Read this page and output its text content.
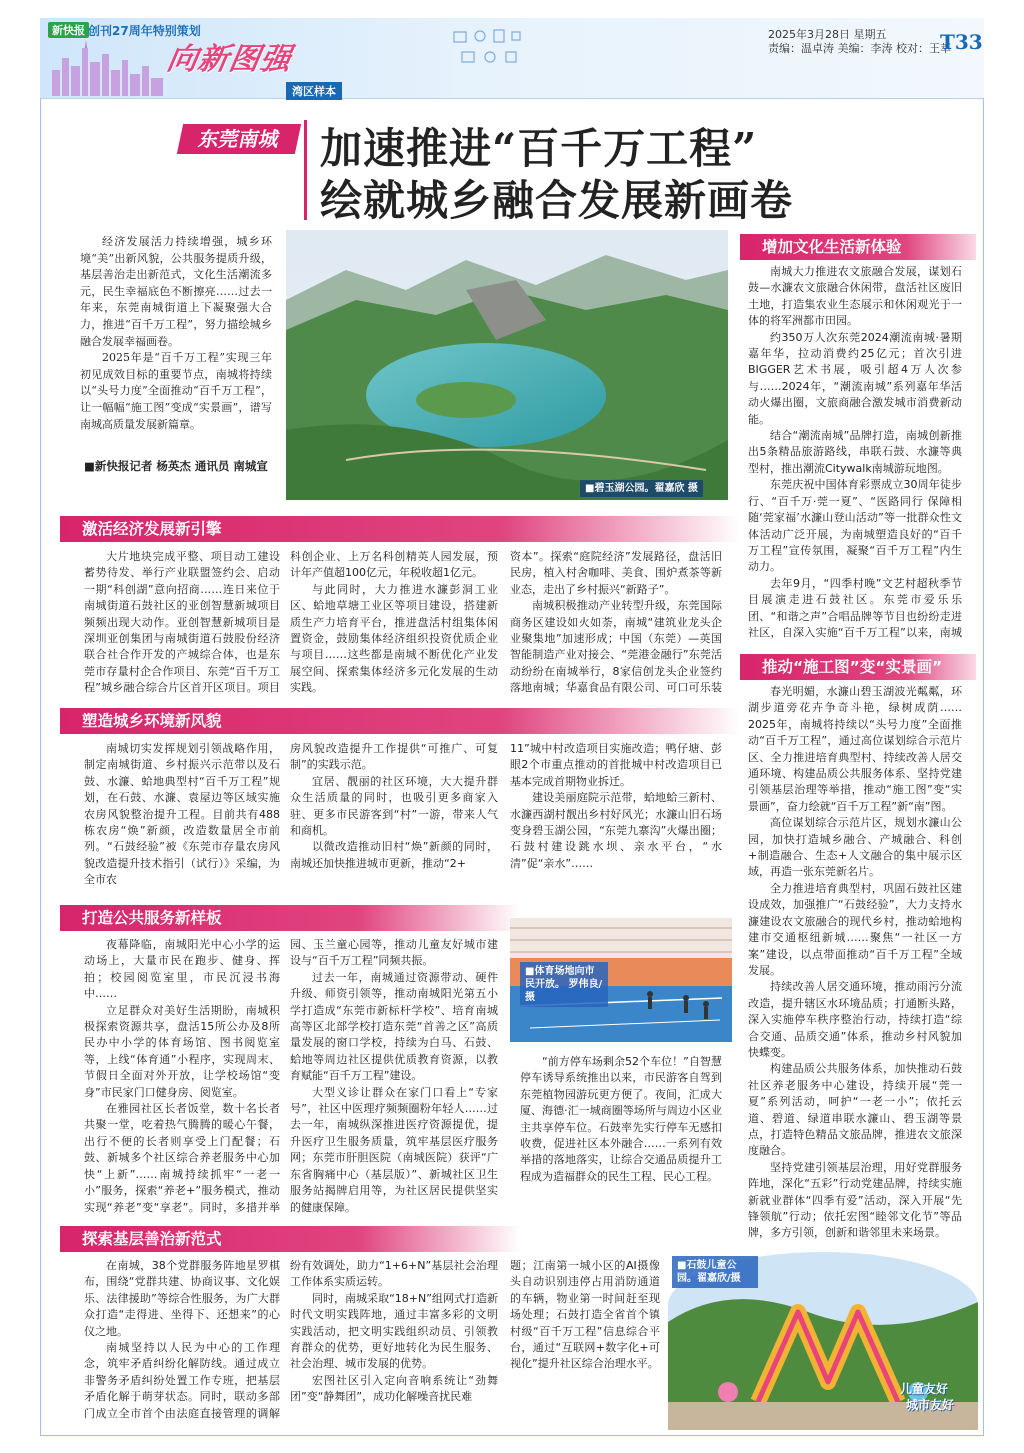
新快报 创刊27周年特别策划
向新图强
湾区样本
2025年3月28日 星期五
责编：温卓涛 美编：李涛 校对：王萃
T33
东莞南城 加速推进“百千万工程”
绘就城乡融合发展新画卷

经济发展活力持续增强，城乡环境“美”出新风貌，公共服务提质升级，基层善治走出新范式，文化生活潮流多元，民生幸福底色不断擦亮……过去一年来，东莞南城街道上下凝聚强大合力，推进“百千万工程”，努力描绘城乡融合发展幸福画卷。

2025年是“百千万工程”实现三年初见成效目标的重要节点，南城将持续以“头号力度”全面推动“百千万工程”，让一幅幅“施工图”变成“实景画”，谱写南城高质量发展新篇章。

■新快报记者 杨英杰 通讯员 南城宣
■碧玉湖公园。翟嘉欣 摄
激活经济发展新引擎

大片地块完成平整、项目动工建设蓄势待发、举行产业联盟签约会、启动一期“科创湖”意向招商……连日来位于南城街道石鼓社区的亚创智慧新城项目频频出现大动作。亚创智慧新城项目是深圳亚创集团与南城街道石鼓股份经济联合社合作开发的产城综合体，也是东莞市存量村企合作项目、东莞“百千万工程”城乡融合综合片区首开区项目。项目

科创企业、上万名科创精英人园发展，预计年产值超100亿元，年税收超1亿元。

与此同时，大力推进水濂彭洞工业区、蛤地草塘工业区等项目建设，搭建新质生产力培育平台，推进盘活村组集体闲置资金，鼓励集体经济组织投资优质企业与项目……这些都是南城不断优化产业发展空间、探索集体经济多元化发展的生动实践。

资本”。探索“庭院经济”发展路径，盘活旧民房，植入村舍咖啡、美食、围炉煮茶等新业态，走出了乡村振兴“新路子”。

南城积极推动产业转型升级，东莞国际商务区建设如火如荼，南城“建筑业龙头企业聚集地”加速形成；中国（东莞）—英国智能制造产业对接会、“莞港金融行”东莞活动纷纷在南城举行，8家信创龙头企业签约落地南城；华嘉食品有限公司、可口可乐装

塑造城乡环境新风貌

南城切实发挥规划引领战略作用，制定南城街道、乡村振兴示范带以及石鼓、水濂、蛤地典型村“百千万工程”规划，在石鼓、水濂、袁屋边等区域实施农房风貌整治提升工程。目前共有488栋农房“焕”新颜，改造数量居全市前列。“石鼓经验”被《东莞市存量农房风貌改造提升技术指引（试行）》采编，为全市农

房风貌改造提升工作提供“可推广、可复制”的实践示范。

宜居、靓丽的社区环境，大大提升群众生活质量的同时，也吸引更多商家入驻、更多市民游客到“村”一游，带来人气和商机。

以微改造推动旧村“焕”新颜的同时，南城还加快推进城市更新，推动“2+

11”城中村改造项目实施改造；鸭仔塘、彭眼2个市重点推动的首批城中村改造项目已基本完成首期物业拆迁。

建设美丽庭院示范带，蛤地蛤三新村、水濂西湖村靓出乡村好风光；水濂山旧石场变身碧玉湖公园，“东莞九寨沟”火爆出圈；石鼓村建设跳水坝、亲水平台，“水清”促“亲水”……

打造公共服务新样板

夜幕降临，南城阳光中心小学的运动场上，大量市民在跑步、健身、挥拍；校园阅览室里，市民沉浸书海中……

立足群众对美好生活期盼，南城积极探索资源共享，盘活15所公办及8所民办中小学的体育场馆、图书阅览室等，上线“体育通”小程序，实现周末、节假日全面对外开放，让学校场馆“变身”市民家门口健身房、阅览室。

在雅园社区长者饭堂，数十名长者共聚一堂，吃着热气腾腾的暖心午餐，出行不便的长者则享受上门配餐；石鼓、新城多个社区综合养老服务中心加快“上新”……南城持续抓牢“一老一小”服务，探索“养老+”服务模式，推动实现“养老”变“享老”。同时，多措并举

园、玉兰童心园等，推动儿童友好城市建设与“百千万工程”同频共振。

过去一年，南城通过资源带动、硬件升级、师资引领等，推动南城阳光第五小学打造成“东莞市新标杆学校”、培育南城高等区北部学校打造东莞“首善之区”高质量发展的窗口学校，持续为白马、石鼓、蛤地等周边社区提供优质教育资源，以教育赋能“百千万工程”建设。

大型义诊让群众在家门口看上“专家号”，社区中医理疗频频圈粉年轻人……过去一年，南城纵深推进医疗资源提优，提升医疗卫生服务质量，筑牢基层医疗服务网；东莞市肝胆医院（南城医院）获评“广东省胸痛中心（基层版）”、新城社区卫生服务站揭牌启用等，为社区居民提供坚实的健康保障。

■体育场地向市民开放。 罗伟良/摄

“前方停车场剩余52个车位！”自智慧停车诱导系统推出以来，市民游客自驾到东莞植物园游玩更方便了。夜间，汇成大厦、海德·汇一城商圈等场所与周边小区业主共享停车位。石鼓率先实行停车无感扣收费，促进社区本外融合……一系列有效举措的落地落实，让综合交通品质提升工程成为造福群众的民生工程、民心工程。

探索基层善治新范式

在南城，38个党群服务阵地星罗棋布，围绕“党群共建、协商议事、文化娱乐、法律援助”等综合性服务，为广大群众打造“走得进、坐得下、还想来”的心仪之地。

南城坚持以人民为中心的工作理念，筑牢矛盾纠纷化解防线。通过成立非警务矛盾纠纷处置工作专班，把基层矛盾化解于萌芽状态。同时，联动多部门成立全市首个由法庭直接管理的调解

纷有效调处，助力“1+6+N”基层社会治理工作体系实质运转。

同时，南城采取“18+N”组网式打造新时代文明实践阵地，通过丰富多彩的文明实践活动，把文明实践组织动员、引领教育群众的优势，更好地转化为民生服务、社会治理、城市发展的优势。

宏图社区引入定向音响系统让“劲舞团”变“静舞团”，成功化解噪音扰民难

题；江南第一城小区的AI摄像头自动识别违停占用消防通道的车辆，物业第一时间赶至现场处理；石鼓打造全省首个镇村级“百千万工程”信息综合平台，通过“互联网+数字化+可视化”提升社区综合治理水平。

■石鼓儿童公园。翟嘉欣/摄
儿童友好
城市友好
增加文化生活新体验

南城大力推进农文旅融合发展，谋划石鼓—水濂农文旅融合休闲带，盘活社区废旧土地，打造集农业生态展示和休闲观光于一体的将军洲都市田园。

约350万人次东莞2024潮流南城·暑期嘉年华，拉动消费约25亿元；首次引进BIGGER艺术书展，吸引超4万人次参与……2024年，“潮流南城”系列嘉年华活动火爆出圈，文旅商融合激发城市消费新动能。

结合“潮流南城”品牌打造，南城创新推出5条精品旅游路线，串联石鼓、水濂等典型村，推出潮流Citywalk南城游玩地图。

东莞庆祝中国体育彩票成立30周年徒步行、“百千万·莞一夏”、“医路同行 保障相随‘莞家福’水濂山登山活动”等一批群众性文体活动广泛开展，为南城塑造良好的“百千万工程”宣传氛围，凝聚“百千万工程”内生动力。

去年9月，“四季村晚”文艺村超秋季节目展演走进石鼓社区。东莞市爱乐乐团、“和谐之声”合唱品牌等节目也纷纷走进社区，自深入实施“百千万工程”以来，南城

推动“施工图”变“实景画”

春光明媚，水濂山碧玉湖波光粼粼，环湖步道旁花卉争奇斗艳，绿树成荫……2025年，南城将持续以“头号力度”全面推动“百千万工程”，通过高位谋划综合示范片区、全力推进培育典型村、持续改善人居交通环境、构建品质公共服务体系、坚持党建引领基层治理等举措，推动“施工图”变“实景画”，奋力绘就“百千万工程”新“南”图。

高位谋划综合示范片区，规划水濂山公园，加快打造城乡融合、产城融合、科创+制造融合、生态+人文融合的集中展示区域，再造一张东莞新名片。

全力推进培育典型村，巩固石鼓社区建设成效，加强推广“石鼓经验”，大力支持水濂建设农文旅融合的现代乡村，推动蛤地构建市交通枢纽新城……聚焦“一社区一方案”建设，以点带面推动“百千万工程”全域发展。

持续改善人居交通环境，推动雨污分流改造，提升辖区水环境品质；打通断头路，深入实施停车秩序整治行动，持续打造“综合交通、品质交通”体系，推动乡村风貌加快蝶变。

构建品质公共服务体系，加快推动石鼓社区养老服务中心建设，持续开展“莞一夏”系列活动，呵护“一老一小”；依托云道、碧道、绿道串联水濂山、碧玉湖等景点，打造特色精品文旅品牌，推进农文旅深度融合。

坚持党建引领基层治理，用好党群服务阵地，深化“五彩”行动党建品牌，持续实施新就业群体“四季有爱”活动，深入开展“先锋领航”行动；依托宏图“睦邻文化节”等品牌，多方引领，创新和谐邻里未来场景。
